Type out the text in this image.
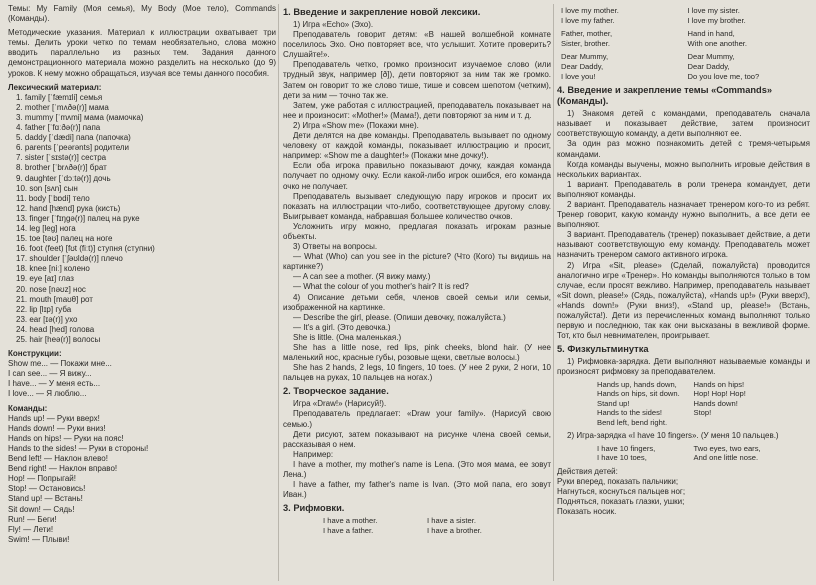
Темы: My Family (Моя семья), My Body (Мое тело), Commands (Команды).

Методические указания. Материал к иллюстрации охватывает три темы. Делить уроки четко по темам необязательно, слова можно вводить параллельно из разных тем. Задания данного демонстрационного материала можно разделить на несколько (до 9) уроков. К нему можно обращаться, изучая все темы данного пособия.

Лексический материал:
1. family [ˈfæmɪli] семья
2. mother [ˈmʌðə(r)] мама
3. mummy [ˈmʌmi] мама (мамочка)
4. father [ˈfɑːðə(r)] папа
5. daddy [ˈdædi] папа (папочка)
6. parents [ˈpeərənts] родители
7. sister [ˈsɪstə(r)] сестра
8. brother [ˈbrʌðə(r)] брат
9. daughter [ˈdɔːtə(r)] дочь
10. son [sʌn] сын
11. body [ˈbɒdi] тело
12. hand [hænd] рука (кисть)
13. finger [ˈfɪŋgə(r)] палец на руке
14. leg [leg] нога
15. toe [təʊ] палец на ноге
16. foot (feet) [fʊt (fiːt)] ступня (ступни)
17. shoulder [ˈʃəʊldə(r)] плечо
18. knee [niː] колено
19. eye [aɪ] глаз
20. nose [nəʊz] нос
21. mouth [maʊθ] рот
22. lip [lɪp] губа
23. ear [ɪə(r)] ухо
24. head [hed] голова
25. hair [heə(r)] волосы
Конструкции:
Show me... — Покажи мне...
I can see... — Я вижу...
I have... — У меня есть...
I love... — Я люблю...
Команды:
Hands up! — Руки вверх!
Hands down! — Руки вниз!
Hands on hips! — Руки на пояс!
Hands to the sides! — Руки в стороны!
Bend left! — Наклон влево!
Bend right! — Наклон вправо!
Hop! — Попрыгай!
Stop! — Остановись!
Stand up! — Встань!
Sit down! — Сядь!
Run! — Беги!
Fly! — Лети!
Swim! — Плыви!
1. Введение и закрепление новой лексики.

1) Игра «Echo» (Эхо).

Преподаватель говорит детям: «В нашей волшебной комнате поселилось Эхо. Оно повторяет все, что услышит. Хотите проверить? Слушайте!».

Преподаватель четко, громко произносит изучаемое слово (или трудный звук, например [ð]), дети повторяют за ним так же громко. Затем он говорит то же слово тише, тише и совсем шепотом (четким), дети за ним — точно так же.

Затем, уже работая с иллюстрацией, преподаватель показывает на нее и произносит: «Mother!» (Мама!), дети повторяют за ним и т. д.

2) Игра «Show me» (Покажи мне).

Дети делятся на две команды. Преподаватель вызывает по одному человеку от каждой команды, показывает иллюстрацию и просит, например: «Show me a daughter!» (Покажи мне дочку!).

Если оба игрока правильно показывают дочку, каждая команда получает по одному очку. Если какой-либо игрок ошибся, его команда очко не получает.

Преподаватель вызывает следующую пару игроков и просит их показать на иллюстрации что-либо, соответствующее другому слову. Выигрывает команда, набравшая большее количество очков.

Усложнить игру можно, предлагая показать игрокам разные объекты.

3) Ответы на вопросы.

— What (Who) can you see in the picture? (Что (Кого) ты видишь на картинке?)

— A can see a mother. (Я вижу маму.)

— What the colour of you mother's hair? It is red?

4) Описание детьми себя, членов своей семьи или семьи, изображенной на картинке.

— Describe the girl, please. (Опиши девочку, пожалуйста.)

— It's a girl. (Это девочка.)

She is little. (Она маленькая.)

She has a little nose, red lips, pink cheeks, blond hair. (У нее маленький нос, красные губы, розовые щеки, светлые волосы.)

She has 2 hands, 2 legs, 10 fingers, 10 toes. (У нее 2 руки, 2 ноги, 10 пальцев на руках, 10 пальцев на ногах.)

2. Творческое задание.

Игра «Draw!» (Нарисуй!).

Преподаватель предлагает: «Draw your family». (Нарисуй свою семью.)

Дети рисуют, затем показывают на рисунке члена своей семьи, рассказывая о нем.

Например:

I have a mother, my mother's name is Lena. (Это моя мама, ее зовут Лена.)

I have a father, my father's name is Ivan. (Это мой папа, его зовут Иван.)

3. Рифмовки.
I have a mother.
I have a father.
I have a sister.
I have a brother.
I love my mother.
I love my father.
I love my sister.
I love my brother.
Father, mother,
Sister, brother.
Hand in hand,
With one another.
Dear Mummy,
Dear Daddy,
I love you!
Dear Mummy,
Dear Daddy,
Do you love me, too?
4. Введение и закрепление темы «Commands» (Команды).

1) Знакомя детей с командами, преподаватель сначала называет и показывает действие, затем произносит соответствующую команду, а дети выполняют ее.

За один раз можно познакомить детей с тремя-четырьмя командами.

Когда команды выучены, можно выполнить игровые действия в нескольких вариантах.

1 вариант. Преподаватель в роли тренера командует, дети выполняют команды.

2 вариант. Преподаватель назначает тренером кого-то из ребят. Тренер говорит, какую команду нужно выполнить, а все дети ее выполняют.

3 вариант. Преподаватель (тренер) показывает действие, а дети называют соответствующую ему команду. Преподаватель может назначить тренером самого активного игрока.

2) Игра «Sit, please» (Сделай, пожалуйста) проводится аналогично игре «Тренер». Но команды выполняются только в том случае, если просят вежливо. Например, преподаватель называет «Sit down, please!» (Сядь, пожалуйста), «Hands up!» (Руки вверх!), «Hands down!» (Руки вниз!), «Stand up, please!» (Встань, пожалуйста!). Дети из перечисленных команд выполняют только первую и последнюю, так как они высказаны в вежливой форме. Тот, кто был невнимателен, проигрывает.

5. Физкультминутка

1) Рифмовка-зарядка. Дети выполняют называемые команды и произносят рифмовку за преподавателем.

Hands up, hands down,
Hands on hips, sit down.
Stand up!
Hands to the sides!
Bend left, bend right.
Hands on hips!
Hop! Hop! Hop!
Hands down!
Stop!

2) Игра-зарядка «I have 10 fingers». (У меня 10 пальцев.)

I have 10 fingers,
I have 10 toes,
Two eyes, two ears,
And one little nose.
Действия детей:
Руки вперед, показать пальчики;
Нагнуться, коснуться пальцев ног;
Подняться, показать глазки, ушки;
Показать носик.
